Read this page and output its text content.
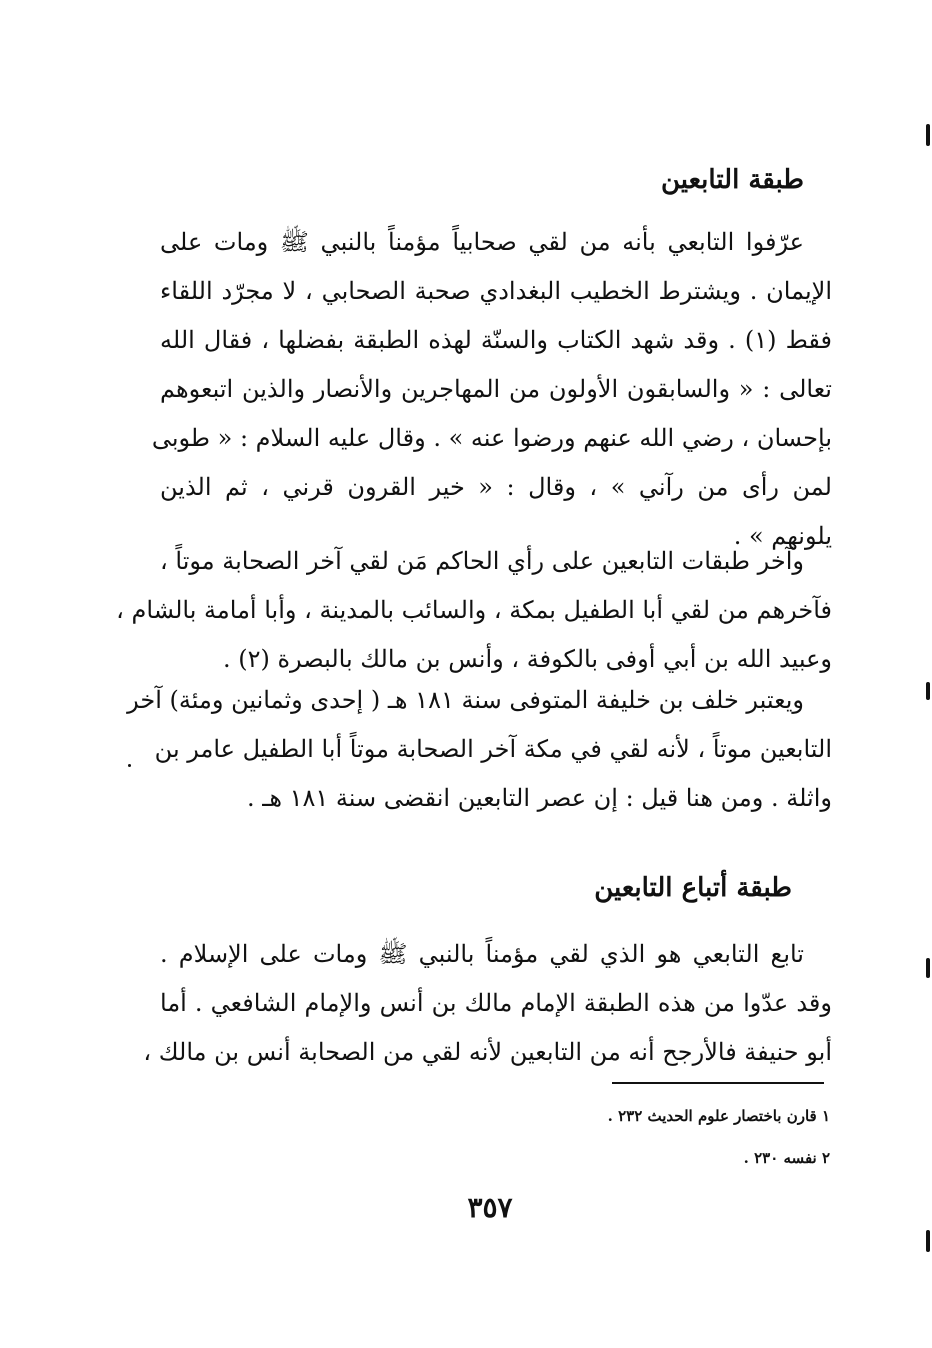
طبقة التابعين
عرّفوا التابعي بأنه من لقي صحابياً مؤمناً بالنبي ﷺ ومات على
الإيمان . ويشترط الخطيب البغدادي صحبة الصحابي ، لا مجرّد اللقاء
فقط (١) . وقد شهد الكتاب والسنّة لهذه الطبقة بفضلها ، فقال الله
تعالى : « والسابقون الأولون من المهاجرين والأنصار والذين اتبعوهم
بإحسان ، رضي الله عنهم ورضوا عنه » . وقال عليه السلام : « طوبى
لمن رأى من رآني » ، وقال : « خير القرون قرني ، ثم الذين
يلونهم » .
وآخر طبقات التابعين على رأي الحاكم مَن لقي آخر الصحابة موتاً ،
فآخرهم من لقي أبا الطفيل بمكة ، والسائب بالمدينة ، وأبا أمامة بالشام ،
وعبيد الله بن أبي أوفى بالكوفة ، وأنس بن مالك بالبصرة (٢) .
ويعتبر خلف بن خليفة المتوفى سنة ١٨١ هـ ( إحدى وثمانين ومئة) آخر
التابعين موتاً ، لأنه لقي في مكة آخر الصحابة موتاً أبا الطفيل عامر بن
واثلة . ومن هنا قيل : إن عصر التابعين انقضى سنة ١٨١ هـ .
طبقة أتباع التابعين
تابع التابعي هو الذي لقي مؤمناً بالنبي ﷺ ومات على الإسلام .
وقد عدّوا من هذه الطبقة الإمام مالك بن أنس والإمام الشافعي . أما
أبو حنيفة فالأرجح أنه من التابعين لأنه لقي من الصحابة أنس بن مالك ،
١ قارن باختصار علوم الحديث ٢٣٢ .
٢ نفسه ٢٣٠ .
٣٥٧
